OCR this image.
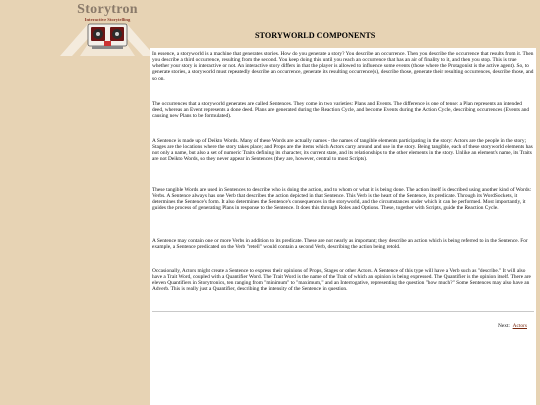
Storytron
Interactive Storytelling
STORYWORLD COMPONENTS

In essence, a storyworld is a machine that generates stories. How do you generate a story? You describe an occurrence. Then you describe the occurrence that results from it. Then you describe a third occurrence, resulting from the second. You keep doing this until you reach an occurrence that has an air of finality to it, and then you stop. This is true whether your story is interactive or not. An interactive story differs in that the player is allowed to influence some events (those where the Protagonist is the active agent). So, to generate stories, a storyworld must repeatedly describe an occurrence, generate its resulting occurrence(s), describe those, generate their resulting occurrences, describe those, and so on.

The occurrences that a storyworld generates are called Sentences. They come in two varieties: Plans and Events. The difference is one of tense: a Plan represents an intended deed, whereas an Event represents a done deed. Plans are generated during the Reaction Cycle, and become Events during the Action Cycle, describing occurrences (Events and causing new Plans to be formulated).

A Sentence is made up of Deikto Words. Many of these Words are actually names - the names of tangible elements participating in the story: Actors are the people in the story; Stages are the locations where the story takes place; and Props are the items which Actors carry around and use in the story. Being tangible, each of these storyworld elements has not only a name, but also a set of numeric Traits defining its character, its current state, and its relationships to the other elements in the story. Unlike an element's name, its Traits are not Deikto Words, so they never appear in Sentences (they are, however, central to most Scripts).

These tangible Words are used in Sentences to describe who is doing the action, and to whom or what it is being done. The action itself is described using another kind of Words: Verbs. A Sentence always has one Verb that describes the action depicted in that Sentence. This Verb is the heart of the Sentence, its predicate. Through its WordSockets, it determines the Sentence's form. It also determines the Sentence's consequences in the storyworld, and the circumstances under which it can be performed. Most importantly, it guides the process of generating Plans in response to the Sentence. It does this through Roles and Options. These, together with Scripts, guide the Reaction Cycle.

A Sentence may contain one or more Verbs in addition to its predicate. These are not nearly as important; they describe an action which is being referred to in the Sentence. For example, a Sentence predicated on the Verb "retell" would contain a second Verb, describing the action being retold.

Occasionally, Actors might create a Sentence to express their opinions of Props, Stages or other Actors. A Sentence of this type will have a Verb such as "describe." It will also have a Trait Word, coupled with a Quantifier Word. The Trait Word is the name of the Trait of which an opinion is being expressed. The Quantifier is the opinion itself. There are eleven Quantifiers in Storytronics, ten ranging from "minimum" to "maximum," and an Interrogative, representing the question "how much?" Some Sentences may also have an Adverb. This is really just a Quantifier, describing the intensity of the Sentence in question.

Next: Actors
